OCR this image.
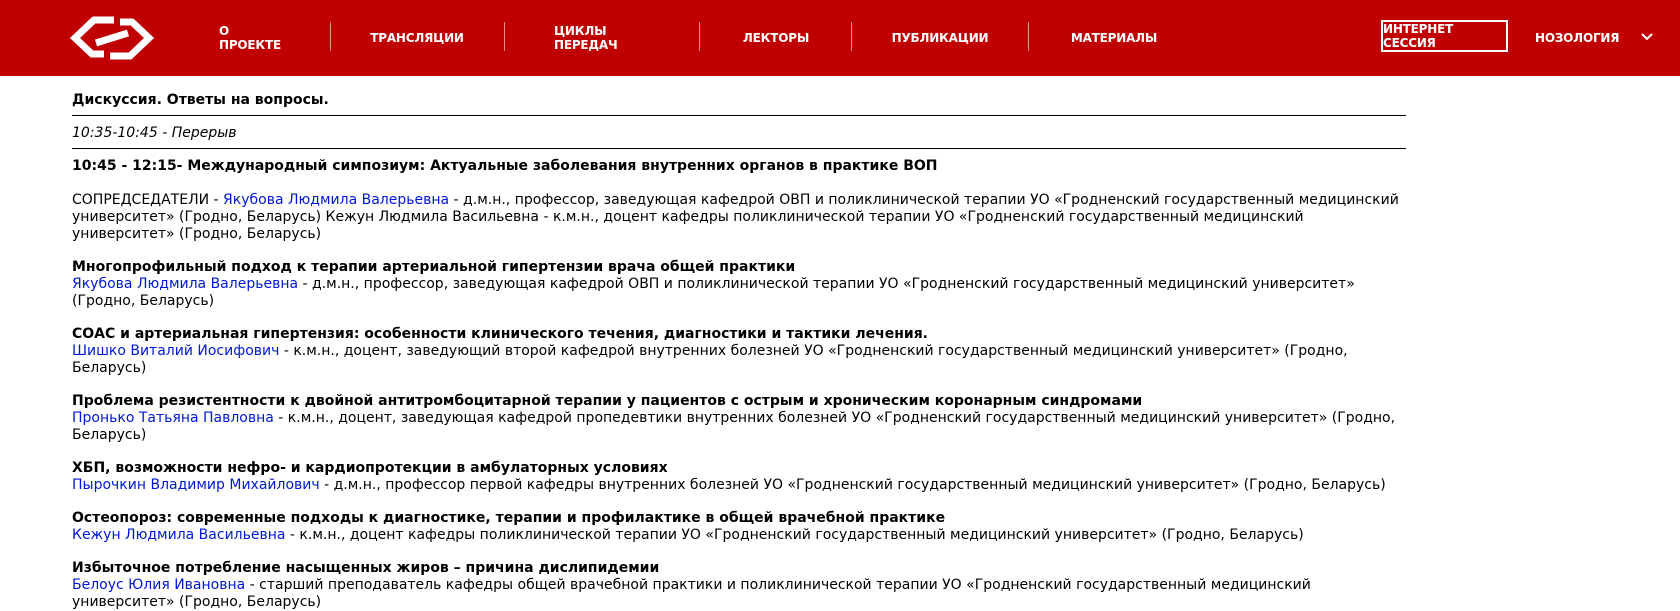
О ПРОЕКТЕ	ТРАНСЛЯЦИИ	ЦИКЛЫ ПЕРЕДАЧ	ЛЕКТОРЫ	ПУБЛИКАЦИИ	МАТЕРИАЛЫ
ИНТЕРНЕТ СЕССИЯ	НОЗОЛОГИЯ
Дискуссия. Ответы на вопросы.
10:35-10:45 - Перерыв
10:45 - 12:15- Международный симпозиум: Актуальные заболевания внутренних органов в практике ВОП
СОПРЕДСЕДАТЕЛИ - Якубова Людмила Валерьевна - д.м.н., профессор, заведующая кафедрой ОВП и поликлинической терапии УО «Гродненский государственный медицинский университет» (Гродно, Беларусь) Кежун Людмила Васильевна - к.м.н., доцент кафедры поликлинической терапии УО «Гродненский государственный медицинский университет» (Гродно, Беларусь)
Многопрофильный подход к терапии артериальной гипертензии врача общей практики
Якубова Людмила Валерьевна - д.м.н., профессор, заведующая кафедрой ОВП и поликлинической терапии УО «Гродненский государственный медицинский университет» (Гродно, Беларусь)
СОАС и артериальная гипертензия: особенности клинического течения, диагностики и тактики лечения.
Шишко Виталий Иосифович - к.м.н., доцент, заведующий второй кафедрой внутренних болезней УО «Гродненский государственный медицинский университет» (Гродно, Беларусь)
Проблема резистентности к двойной антитромбоцитарной терапии у пациентов с острым и хроническим коронарным синдромами
Пронько Татьяна Павловна - к.м.н., доцент, заведующая кафедрой пропедевтики внутренних болезней УО «Гродненский государственный медицинский университет» (Гродно, Беларусь)
ХБП, возможности нефро- и кардиопротекции в амбулаторных условиях
Пырочкин Владимир Михайлович - д.м.н., профессор первой кафедры внутренних болезней УО «Гродненский государственный медицинский университет» (Гродно, Беларусь)
Остеопороз: современные подходы к диагностике, терапии и профилактике в общей врачебной практике
Кежун Людмила Васильевна - к.м.н., доцент кафедры поликлинической терапии УО «Гродненский государственный медицинский университет» (Гродно, Беларусь)
Избыточное потребление насыщенных жиров – причина дислипидемии
Белоус Юлия Ивановна - старший преподаватель кафедры общей врачебной практики и поликлинической терапии УО «Гродненский государственный медицинский университет» (Гродно, Беларусь)
